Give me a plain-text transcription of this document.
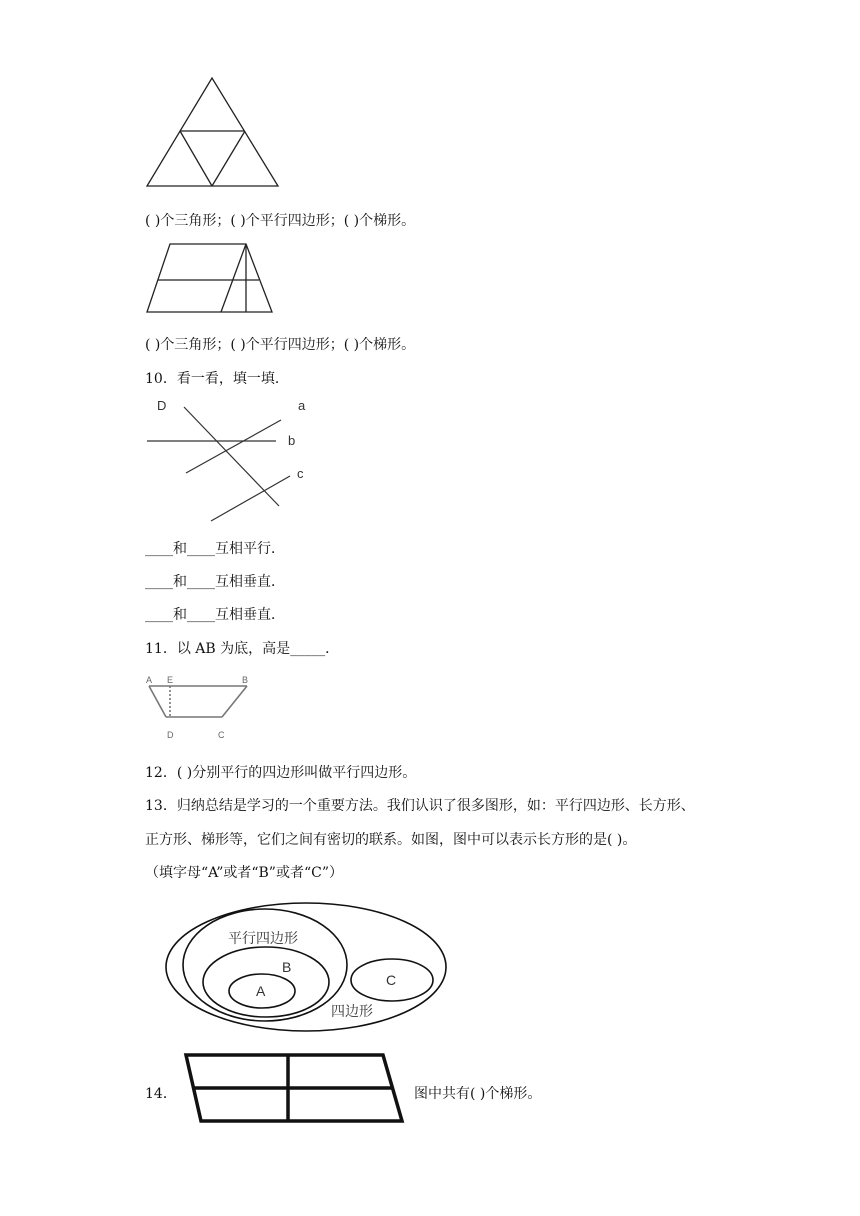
( )个三角形；( )个平行四边形；( )个梯形。
( )个三角形；( )个平行四边形；( )个梯形。
10．看一看，填一填．
D	a
b
c
____和____互相平行．
____和____互相垂直．
____和____互相垂直．
11．以 AB 为底，高是_____．
A E	B
D	C
12．( )分别平行的四边形叫做平行四边形。
13．归纳总结是学习的一个重要方法。我们认识了很多图形，如：平行四边形、长方形、
正方形、梯形等，它们之间有密切的联系。如图，图中可以表示长方形的是( )。
（填字母“A”或者“B”或者“C”）
平行四边形
B
A
C
四边形
14．	图中共有( )个梯形。
